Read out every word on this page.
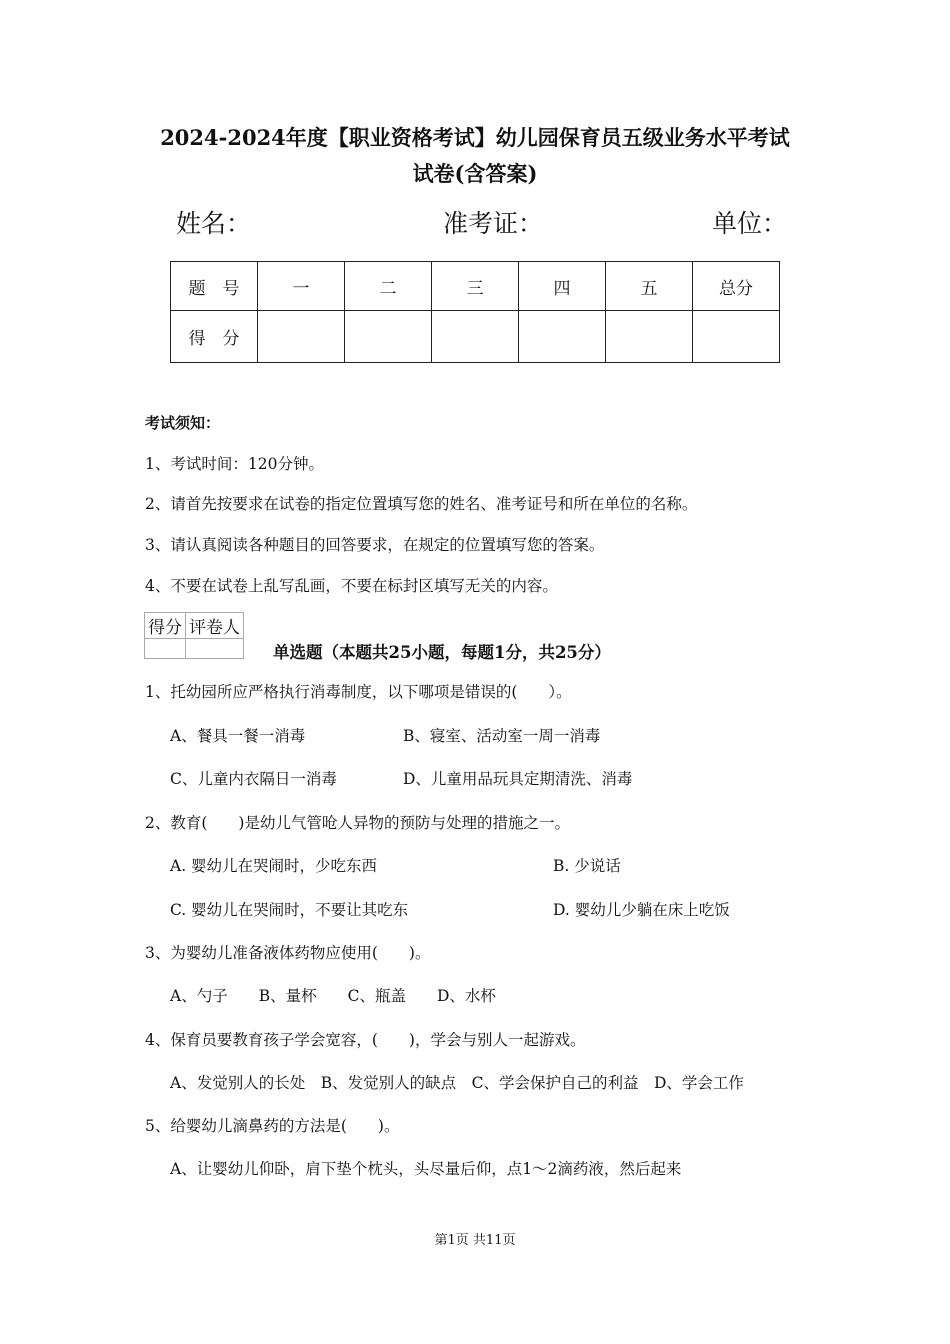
2024-2024年度【职业资格考试】幼儿园保育员五级业务水平考试
试卷(含答案)
姓名：	准考证：	单位：
题　号	一	二	三	四	五	总分
得　分						
考试须知：
1、考试时间：120分钟。
2、请首先按要求在试卷的指定位置填写您的姓名、准考证号和所在单位的名称。
3、请认真阅读各种题目的回答要求，在规定的位置填写您的答案。
4、不要在试卷上乱写乱画，不要在标封区填写无关的内容。
得分	评卷人

单选题（本题共25小题，每题1分，共25分）
1、托幼园所应严格执行消毒制度，以下哪项是错误的(　　）。
A、餐具一餐一消毒	B、寝室、活动室一周一消毒
C、儿童内衣隔日一消毒	D、儿童用品玩具定期清洗、消毒
2、教育(　　)是幼儿气管呛人异物的预防与处理的措施之一。
A. 婴幼儿在哭闹时，少吃东西	B. 少说话
C. 婴幼儿在哭闹时，不要让其吃东	D. 婴幼儿少躺在床上吃饭
3、为婴幼儿准备液体药物应使用(　　)。
A、勺子　　B、量杯　　C、瓶盖　　D、水杯
4、保育员要教育孩子学会宽容，(　　)，学会与别人一起游戏。
A、发觉别人的长处　B、发觉别人的缺点　C、学会保护自己的利益　D、学会工作
5、给婴幼儿滴鼻药的方法是(　　)。
A、让婴幼儿仰卧，肩下垫个枕头，头尽量后仰，点1～2滴药液，然后起来
第1页 共11页
